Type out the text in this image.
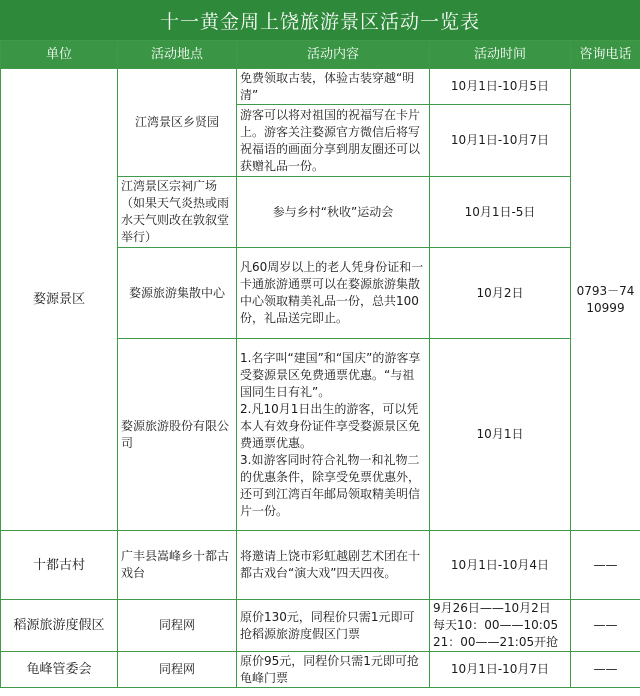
十一黄金周上饶旅游景区活动一览表
单位	活动地点	活动内容	活动时间	咨询电话
婺源景区	江湾景区乡贤园	免费领取古装，体验古装穿越“明清”	10月1日-10月5日	0793－74
10999

		游客可以将对祖国的祝福写在卡片上。游客关注婺源官方微信后将写祝福语的画面分享到朋友圈还可以获赠礼品一份。	10月1日-10月7日	
	江湾景区宗祠广场（如果天气炎热或雨水天气则改在敦叙堂举行）	参与乡村“秋收”运动会	10月1日-5日	
	婺源旅游集散中心	凡60周岁以上的老人凭身份证和一卡通旅游通票可以在婺源旅游集散中心领取精美礼品一份，总共100份，礼品送完即止。	10月2日	
	婺源旅游股份有限公司	1.名字叫“建国”和“国庆”的游客享受婺源景区免费通票优惠。“与祖国同生日有礼”。
2.凡10月1日出生的游客，可以凭本人有效身份证件享受婺源景区免费通票优惠。
3.如游客同时符合礼物一和礼物二的优惠条件，除享受免票优惠外，还可到江湾百年邮局领取精美明信片一份。	10月1日	
十都古村	广丰县嵩峰乡十都古戏台	将邀请上饶市彩虹越剧艺术团在十都古戏台“演大戏”四天四夜。	10月1日-10月4日	——
稻源旅游度假区	同程网	原价130元，同程价只需1元即可抢稻源旅游度假区门票	9月26日——10月2日
每天10：00——10:05
21：00——21:05开抢	——
龟峰管委会	同程网	原价95元，同程价只需1元即可抢龟峰门票	10月1日-10月7日	——
